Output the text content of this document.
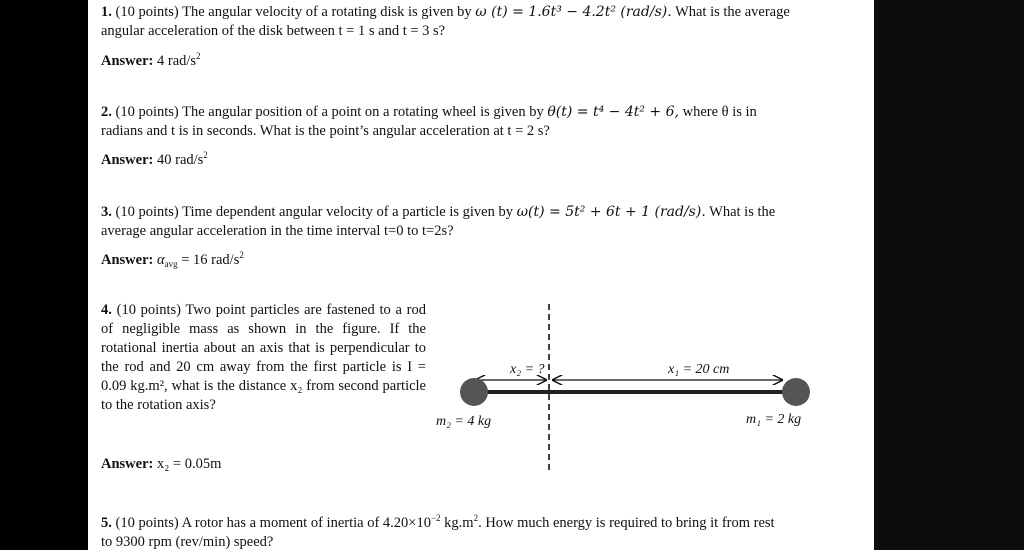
1. (10 points) The angular velocity of a rotating disk is given by ω (t) = 1.6t³ − 4.2t² (rad/s). What is the average
angular acceleration of the disk between t = 1 s and t = 3 s?
Answer: 4 rad/$s^2$
2. (10 points) The angular position of a point on a rotating wheel is given by θ(t) = t⁴ − 4t² + 6, where θ is in
radians and t is in seconds. What is the point’s angular acceleration at t = 2 s?
Answer: 40 rad/$s^2$
3. (10 points) Time dependent angular velocity of a particle is given by ω(t) = 5t² + 6t + 1 (rad/s). What is the
average angular acceleration in the time interval t=0 to t=2s?
Answer: $\alpha_{avg} = 16$ rad/$s^2$
4. (10 points) Two point particles are fastened to a rod of negligible mass as shown in the figure. If the rotational inertia about an axis that is perpendicular to the rod and 20 cm away from the first particle is I = 0.09 kg.m², what is the distance x₂ from second particle to the rotation axis?
x₂ = ?	x₁ = 20 cm
m₂ = 4 kg	m₁ = 2 kg
Answer: x₂ = 0.05m
5. (10 points) A rotor has a moment of inertia of $4.20\times 10^{-2}$ $kg.m^2$. How much energy is required to bring it from rest
to 9300 rpm (rev/min) speed?
